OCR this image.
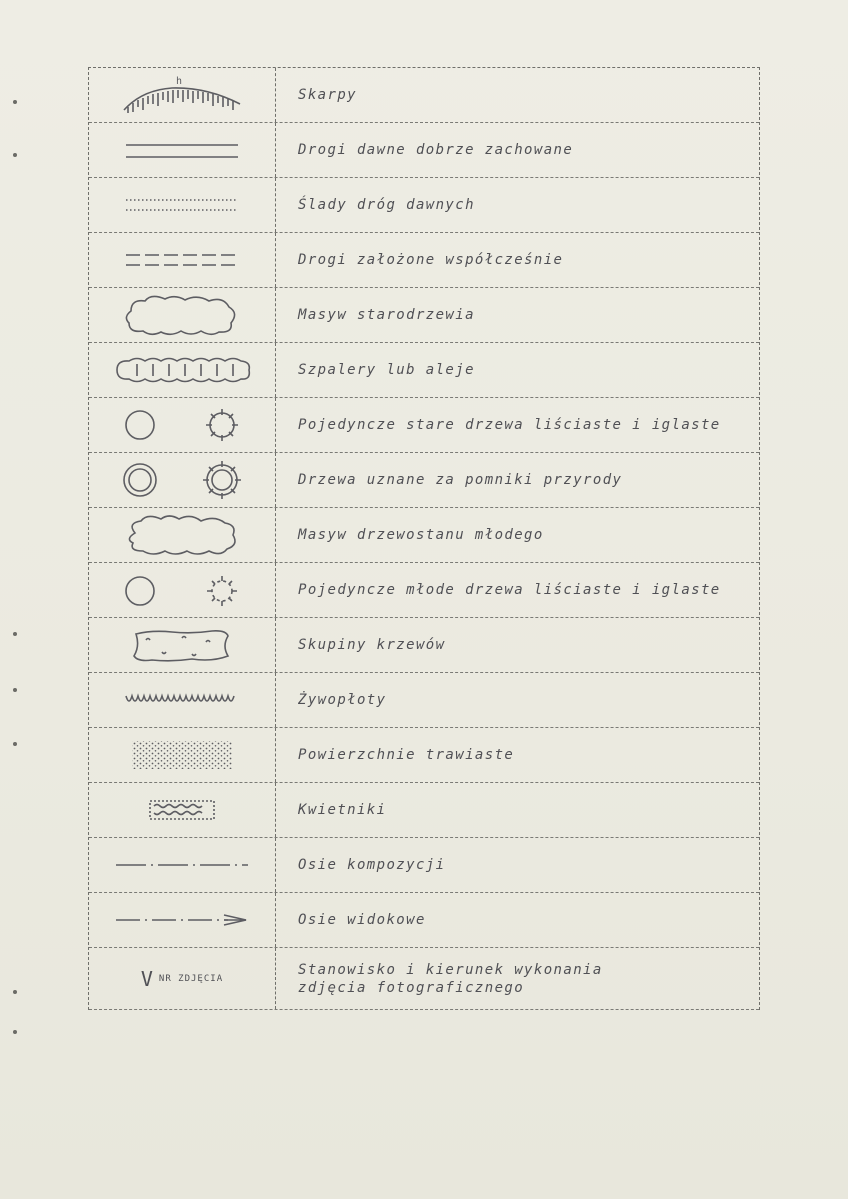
h
Skarpy
Drogi dawne dobrze zachowane
Ślady dróg dawnych
Drogi założone współcześnie
Masyw starodrzewia
Szpalery lub aleje
Pojedyncze stare drzewa liściaste i iglaste
Drzewa uznane za pomniki przyrody
Masyw drzewostanu młodego
Pojedyncze młode drzewa liściaste i iglaste
Skupiny krzewów
Żywopłoty
Powierzchnie trawiaste
Kwietniki
Osie kompozycji
Osie widokowe
V NR ZDJĘCIA
Stanowisko i kierunek wykonania
zdjęcia fotograficznego
